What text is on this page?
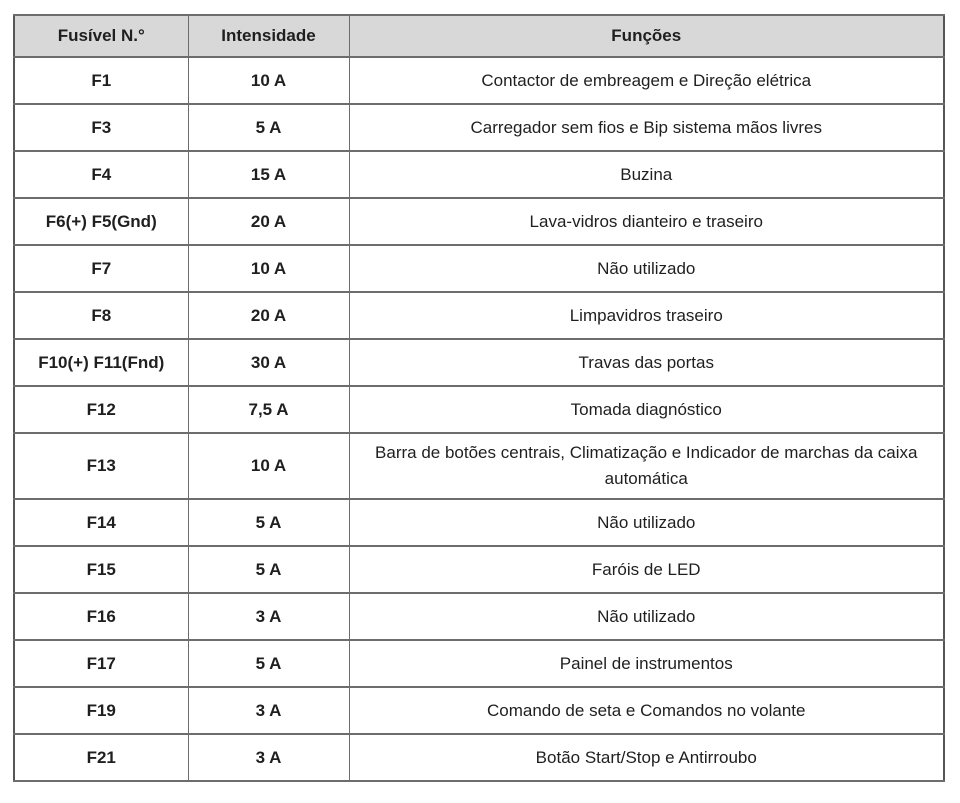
Fusível N.°	Intensidade	Funções
F1	10 A	Contactor de embreagem e Direção elétrica
F3	5 A	Carregador sem fios e Bip sistema mãos livres
F4	15 A	Buzina
F6(+) F5(Gnd)	20 A	Lava-vidros dianteiro e traseiro
F7	10 A	Não utilizado
F8	20 A	Limpavidros traseiro
F10(+) F11(Fnd)	30 A	Travas das portas
F12	7,5 A	Tomada diagnóstico
F13	10 A	Barra de botões centrais, Climatização e Indicador de marchas da caixa automática
F14	5 A	Não utilizado
F15	5 A	Faróis de LED
F16	3 A	Não utilizado
F17	5 A	Painel de instrumentos
F19	3 A	Comando de seta e Comandos no volante
F21	3 A	Botão Start/Stop e Antirroubo
